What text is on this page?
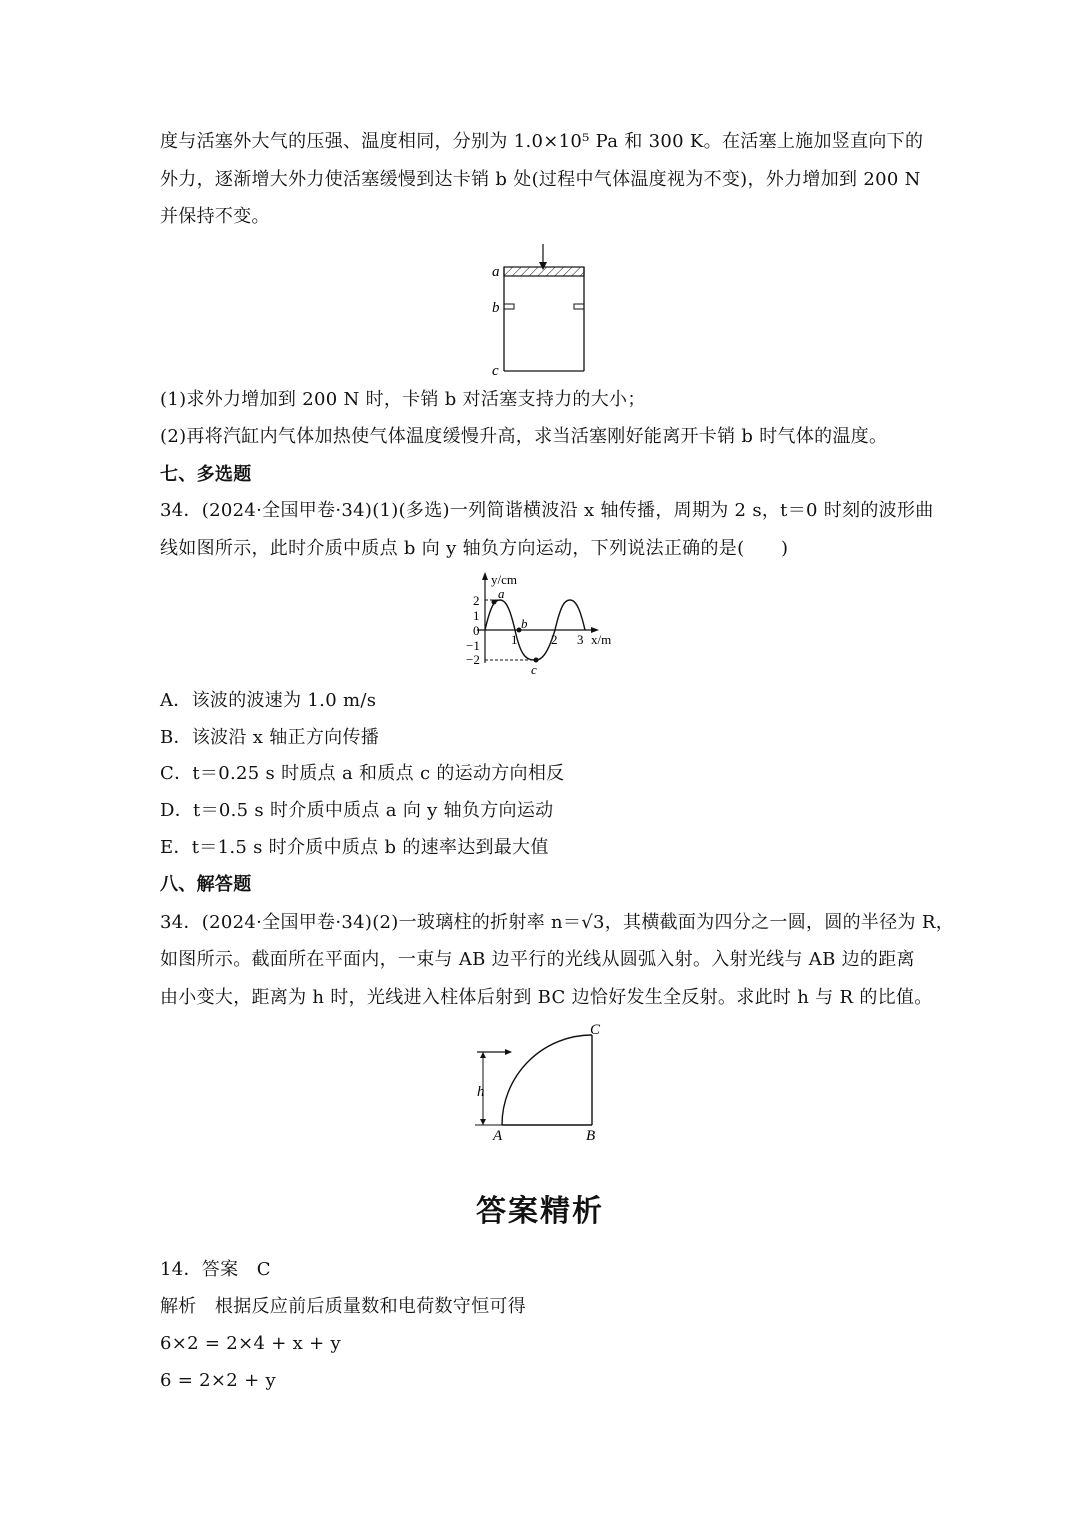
度与活塞外大气的压强、温度相同，分别为 1.0×10⁵ Pa 和 300 K。在活塞上施加竖直向下的
外力，逐渐增大外力使活塞缓慢到达卡销 b 处(过程中气体温度视为不变)，外力增加到 200 N
并保持不变。
a
b
c
(1)求外力增加到 200 N 时，卡销 b 对活塞支持力的大小；
(2)再将汽缸内气体加热使气体温度缓慢升高，求当活塞刚好能离开卡销 b 时气体的温度。
七、多选题
34．(2024·全国甲卷·34)(1)(多选)一列简谐横波沿 x 轴传播，周期为 2 s，t＝0 时刻的波形曲
线如图所示，此时介质中质点 b 向 y 轴负方向运动，下列说法正确的是(　　)
y/cm
x/m
2
1
0
−1
−2
1	2 3
a
b
c
A．该波的波速为 1.0 m/s
B．该波沿 x 轴正方向传播
C．t＝0.25 s 时质点 a 和质点 c 的运动方向相反
D．t＝0.5 s 时介质中质点 a 向 y 轴负方向运动
E．t＝1.5 s 时介质中质点 b 的速率达到最大值
八、解答题
34．(2024·全国甲卷·34)(2)一玻璃柱的折射率 n＝√3，其横截面为四分之一圆，圆的半径为 R，
如图所示。截面所在平面内，一束与 AB 边平行的光线从圆弧入射。入射光线与 AB 边的距离
由小变大，距离为 h 时，光线进入柱体后射到 BC 边恰好发生全反射。求此时 h 与 R 的比值。
C
h
A	B
答案精析
14．答案　C
解析　根据反应前后质量数和电荷数守恒可得
6×2 = 2×4 + x + y
6 = 2×2 + y
